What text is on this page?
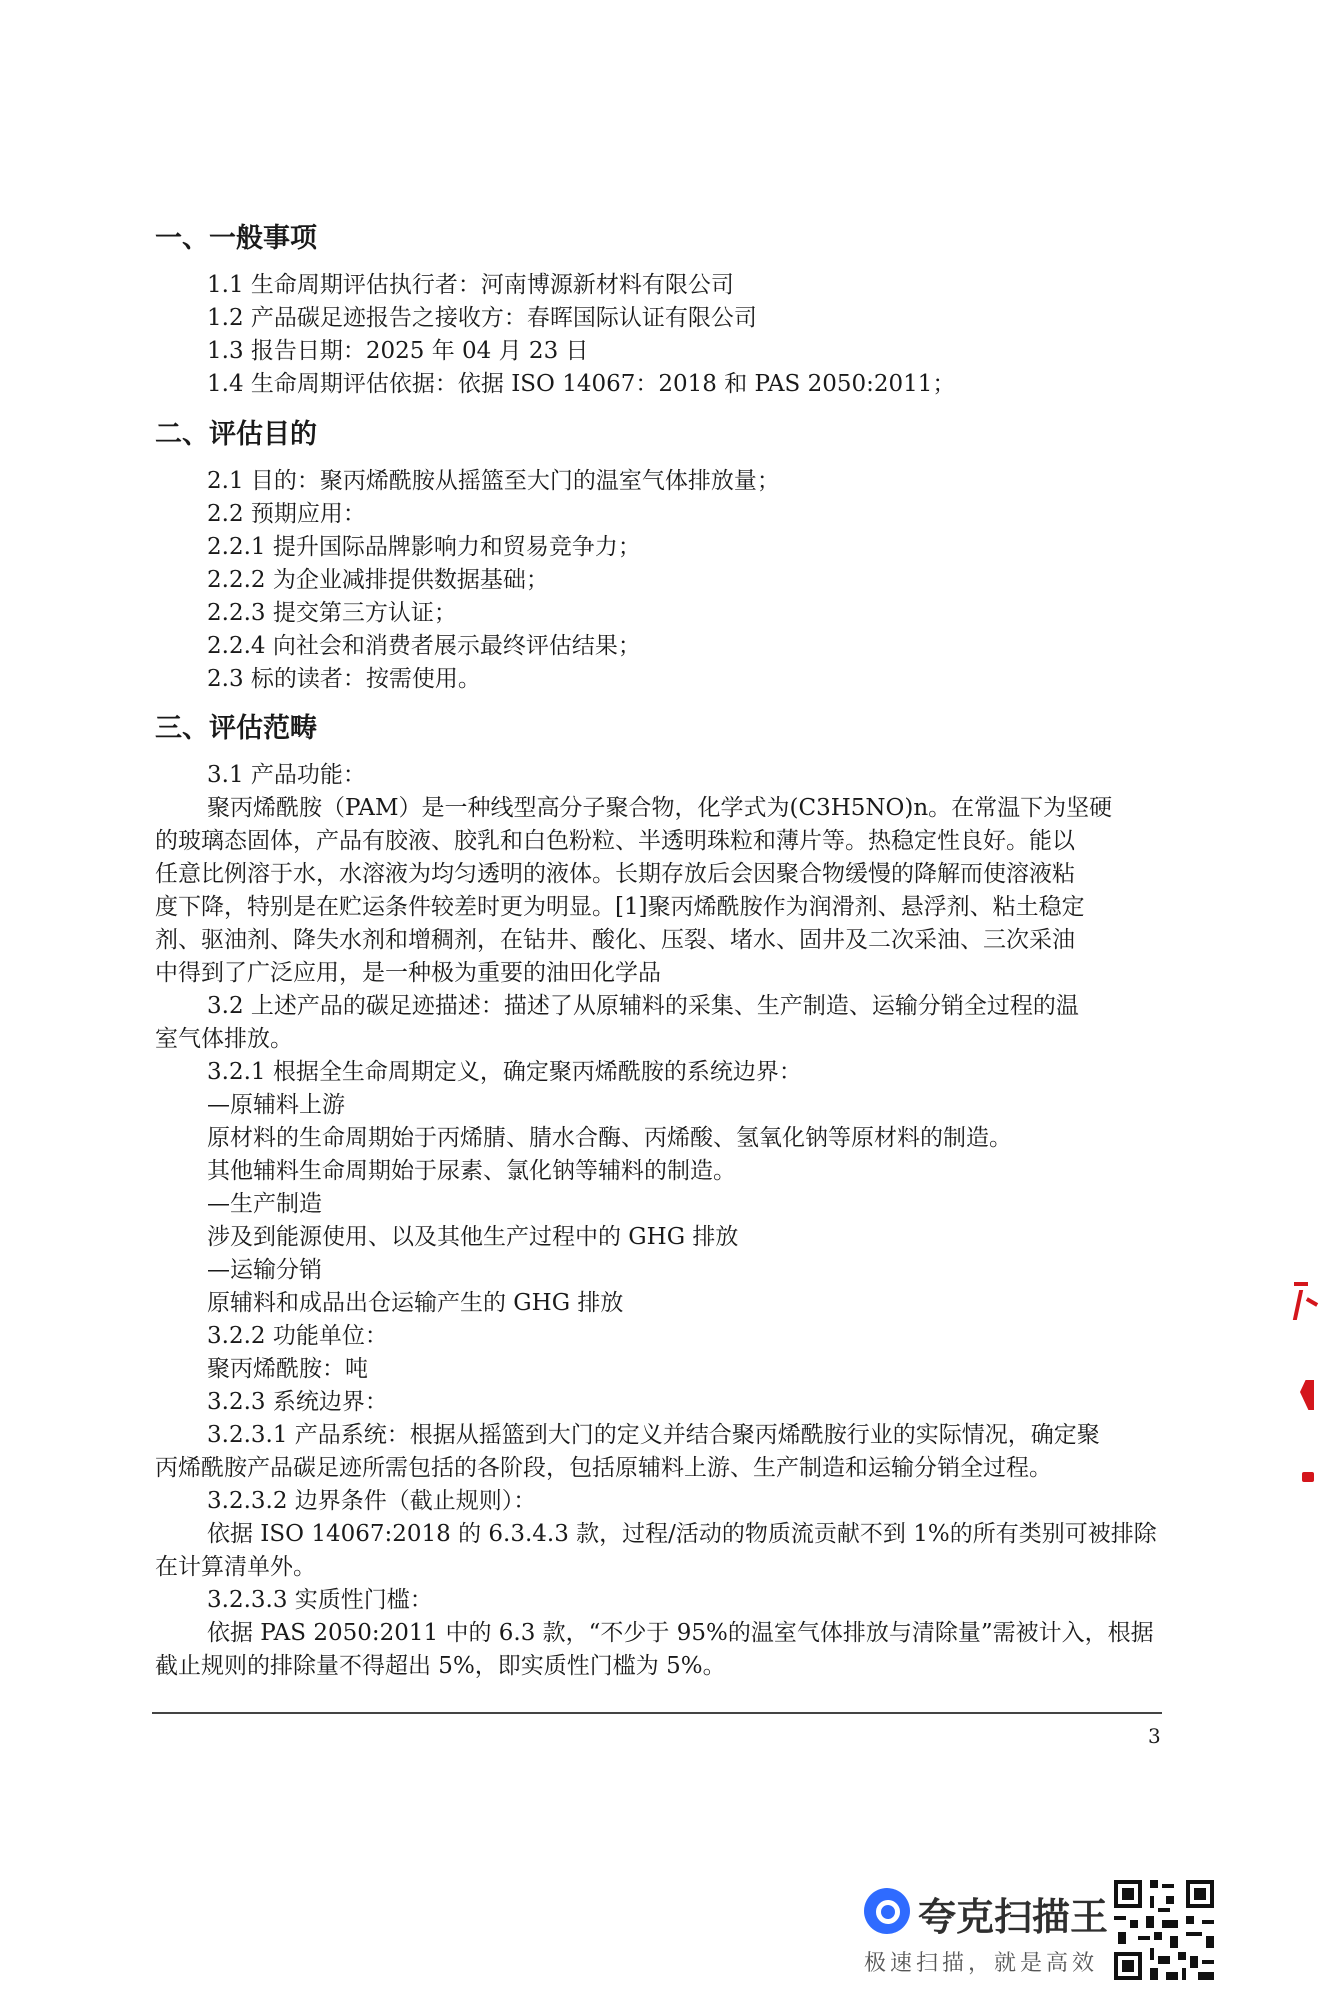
一、一般事项
1.1 生命周期评估执行者：河南博源新材料有限公司
1.2 产品碳足迹报告之接收方：春晖国际认证有限公司
1.3 报告日期：2025 年 04 月 23 日
1.4 生命周期评估依据：依据 ISO 14067：2018 和 PAS 2050:2011；
二、评估目的
2.1 目的：聚丙烯酰胺从摇篮至大门的温室气体排放量；
2.2 预期应用：
2.2.1 提升国际品牌影响力和贸易竞争力；
2.2.2 为企业减排提供数据基础；
2.2.3 提交第三方认证；
2.2.4 向社会和消费者展示最终评估结果；
2.3 标的读者：按需使用。
三、评估范畴
3.1 产品功能：
聚丙烯酰胺（PAM）是一种线型高分子聚合物，化学式为(C3H5NO)n。在常温下为坚硬
的玻璃态固体，产品有胶液、胶乳和白色粉粒、半透明珠粒和薄片等。热稳定性良好。能以
任意比例溶于水，水溶液为均匀透明的液体。长期存放后会因聚合物缓慢的降解而使溶液粘
度下降，特别是在贮运条件较差时更为明显。[1]聚丙烯酰胺作为润滑剂、悬浮剂、粘土稳定
剂、驱油剂、降失水剂和增稠剂，在钻井、酸化、压裂、堵水、固井及二次采油、三次采油
中得到了广泛应用，是一种极为重要的油田化学品
3.2 上述产品的碳足迹描述：描述了从原辅料的采集、生产制造、运输分销全过程的温
室气体排放。
3.2.1 根据全生命周期定义，确定聚丙烯酰胺的系统边界：
—原辅料上游
原材料的生命周期始于丙烯腈、腈水合酶、丙烯酸、氢氧化钠等原材料的制造。
其他辅料生命周期始于尿素、氯化钠等辅料的制造。
—生产制造
涉及到能源使用、以及其他生产过程中的 GHG 排放
—运输分销
原辅料和成品出仓运输产生的 GHG 排放
3.2.2 功能单位：
聚丙烯酰胺：吨
3.2.3 系统边界：
3.2.3.1 产品系统：根据从摇篮到大门的定义并结合聚丙烯酰胺行业的实际情况，确定聚
丙烯酰胺产品碳足迹所需包括的各阶段，包括原辅料上游、生产制造和运输分销全过程。
3.2.3.2 边界条件（截止规则）：
依据 ISO 14067:2018 的 6.3.4.3 款，过程/活动的物质流贡献不到 1%的所有类别可被排除
在计算清单外。
3.2.3.3 实质性门槛：
依据 PAS 2050:2011 中的 6.3 款，“不少于 95%的温室气体排放与清除量”需被计入，根据
截止规则的排除量不得超出 5%，即实质性门槛为 5%。
3
夸克扫描王
极速扫描，就是高效
